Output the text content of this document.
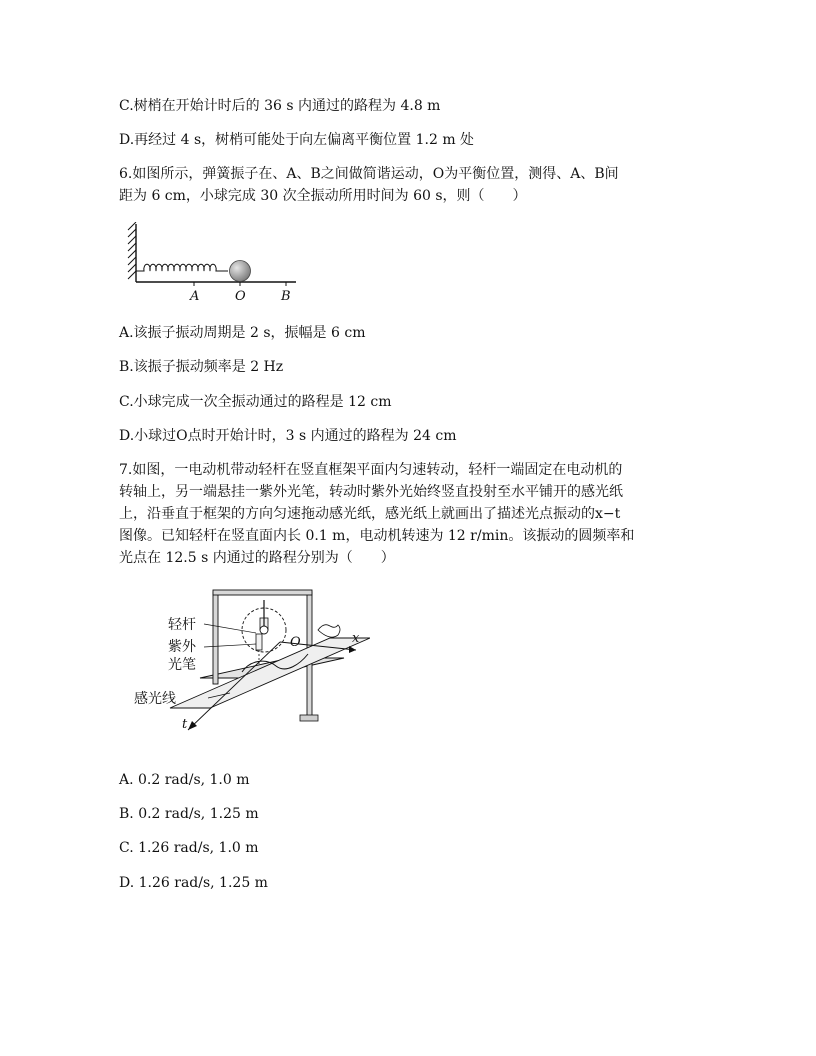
C.树梢在开始计时后的 36 s 内通过的路程为 4.8 m
D.再经过 4 s，树梢可能处于向左偏离平衡位置 1.2 m 处
6.如图所示，弹簧振子在、A、B之间做简谐运动，O为平衡位置，测得、A、B间
距为 6 cm，小球完成 30 次全振动所用时间为 60 s，则（　　）
A	O	B
A.该振子振动周期是 2 s，振幅是 6 cm
B.该振子振动频率是 2 Hz
C.小球完成一次全振动通过的路程是 12 cm
D.小球过O点时开始计时，3 s 内通过的路程为 24 cm
7.如图，一电动机带动轻杆在竖直框架平面内匀速转动，轻杆一端固定在电动机的
转轴上，另一端悬挂一紫外光笔，转动时紫外光始终竖直投射至水平铺开的感光纸
上，沿垂直于框架的方向匀速拖动感光纸，感光纸上就画出了描述光点振动的x−t
图像。已知轻杆在竖直面内长 0.1 m，电动机转速为 12 r/min。该振动的圆频率和
光点在 12.5 s 内通过的路程分别为（　　）
轻杆
紫外
光笔
感光线
O	x
t
A. 0.2 rad/s, 1.0 m
B. 0.2 rad/s, 1.25 m
C. 1.26 rad/s, 1.0 m
D. 1.26 rad/s, 1.25 m
